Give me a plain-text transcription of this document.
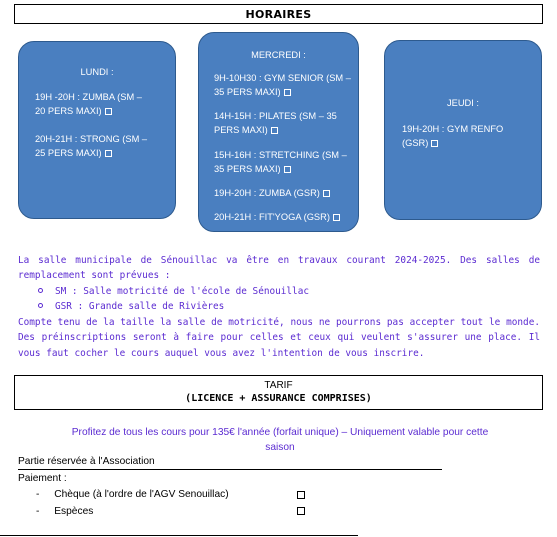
HORAIRES
LUNDI :
19H -20H : ZUMBA (SM –
20 PERS MAXI)
20H-21H : STRONG (SM –
25 PERS MAXI)
MERCREDI :
9H-10H30 : GYM SENIOR (SM –
35 PERS MAXI)
14H-15H : PILATES (SM – 35
PERS MAXI)
15H-16H : STRETCHING (SM –
35 PERS MAXI)
19H-20H : ZUMBA (GSR)
20H-21H : FIT'YOGA (GSR)
JEUDI :
19H-20H : GYM RENFO
(GSR)
La salle municipale de Sénouillac va être en travaux courant 2024-2025. Des salles de remplacement sont prévues :
SM : Salle motricité de l'école de Sénouillac
GSR : Grande salle de Rivières
Compte tenu de la taille la salle de motricité, nous ne pourrons pas accepter tout le monde. Des préinscriptions seront à faire pour celles et ceux qui veulent s'assurer une place. Il vous faut cocher le cours auquel vous avez l'intention de vous inscrire.
TARIF
(LICENCE + ASSURANCE COMPRISES)
Profitez de tous les cours pour 135€ l'année (forfait unique) – Uniquement valable pour cette
saison
Partie réservée à l'Association
Paiement :
- Chèque (à l'ordre de l'AGV Senouillac)
- Espèces
